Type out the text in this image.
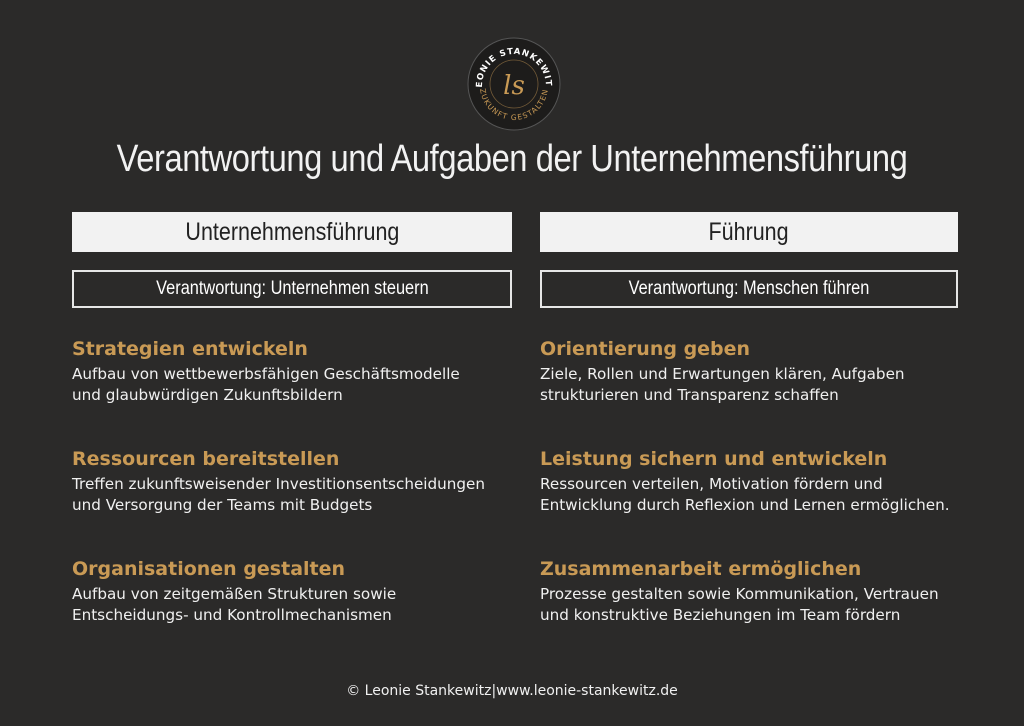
EONIE STANKEWIT
ZUKUNFT GESTALTEN
ls
Verantwortung und Aufgaben der Unternehmensführung
Unternehmensführung
Verantwortung: Unternehmen steuern
Strategien entwickeln

Aufbau von wettbewerbsfähigen Geschäftsmodelle
und glaubwürdigen Zukunftsbildern

Ressourcen bereitstellen

Treffen zukunftsweisender Investitionsentscheidungen
und Versorgung der Teams mit Budgets

Organisationen gestalten

Aufbau von zeitgemäßen Strukturen sowie
Entscheidungs- und Kontrollmechanismen

Führung
Verantwortung: Menschen führen
Orientierung geben

Ziele, Rollen und Erwartungen klären, Aufgaben
strukturieren und Transparenz schaffen

Leistung sichern und entwickeln

Ressourcen verteilen, Motivation fördern und
Entwicklung durch Reflexion und Lernen ermöglichen.

Zusammenarbeit ermöglichen

Prozesse gestalten sowie Kommunikation, Vertrauen
und konstruktive Beziehungen im Team fördern

© Leonie Stankewitz|www.leonie-stankewitz.de
